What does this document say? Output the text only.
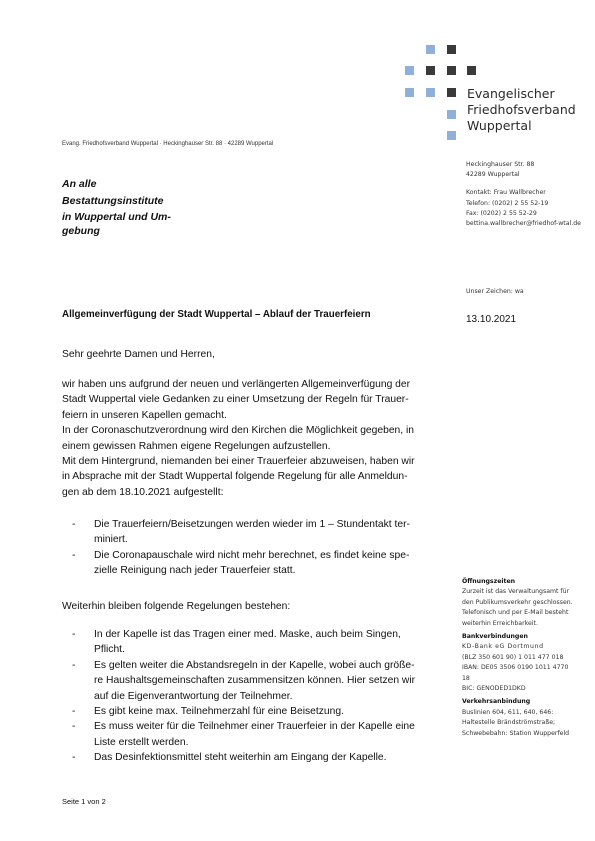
Evangelischer
Friedhofsverband
Wuppertal
Evang. Friedhofsverband Wuppertal · Heckinghauser Str. 88 · 42289 Wuppertal
An alle
Bestattungsinstitute
in Wuppertal und Um-
gebung
Heckinghauser Str. 88
42289 Wuppertal
Kontakt: Frau Wallbrecher
Telefon: (0202) 2 55 52-19
Fax: (0202) 2 55 52-29
bettina.wallbrecher@friedhof-wtal.de
Unser Zeichen: wa
13.10.2021
Allgemeinverfügung der Stadt Wuppertal – Ablauf der Trauerfeiern
Sehr geehrte Damen und Herren,
wir haben uns aufgrund der neuen und verlängerten Allgemeinverfügung der
Stadt Wuppertal viele Gedanken zu einer Umsetzung der Regeln für Trauer-
feiern in unseren Kapellen gemacht.
In der Coronaschutzverordnung wird den Kirchen die Möglichkeit gegeben, in
einem gewissen Rahmen eigene Regelungen aufzustellen.
Mit dem Hintergrund, niemanden bei einer Trauerfeier abzuweisen, haben wir
in Absprache mit der Stadt Wuppertal folgende Regelung für alle Anmeldun-
gen ab dem 18.10.2021 aufgestellt:
-	Die Trauerfeiern/Beisetzungen werden wieder im 1 – Stundentakt ter-
miniert.
-	Die Coronapauschale wird nicht mehr berechnet, es findet keine spe-
zielle Reinigung nach jeder Trauerfeier statt.
Weiterhin bleiben folgende Regelungen bestehen:
-	In der Kapelle ist das Tragen einer med. Maske, auch beim Singen,
Pflicht.
-	Es gelten weiter die Abstandsregeln in der Kapelle, wobei auch größe-
re Haushaltsgemeinschaften zusammensitzen können. Hier setzen wir
auf die Eigenverantwortung der Teilnehmer.
-	Es gibt keine max. Teilnehmerzahl für eine Beisetzung.
-	Es muss weiter für die Teilnehmer einer Trauerfeier in der Kapelle eine
Liste erstellt werden.
-	Das Desinfektionsmittel steht weiterhin am Eingang der Kapelle.
Öffnungszeiten
Zurzeit ist das Verwaltungsamt für
den Publikumsverkehr geschlossen.
Telefonisch und per E-Mail besteht
weiterhin Erreichbarkeit.
Bankverbindungen
KD-Bank eG Dortmund
(BLZ 350 601 90) 1 011 477 018
IBAN: DE05 3506 0190 1011 4770
18
BIC: GENODED1DKD
Verkehrsanbindung
Buslinien 604, 611, 640, 646:
Haltestelle Brändströmstraße;
Schwebebahn: Station Wupperfeld
Seite 1 von 2
